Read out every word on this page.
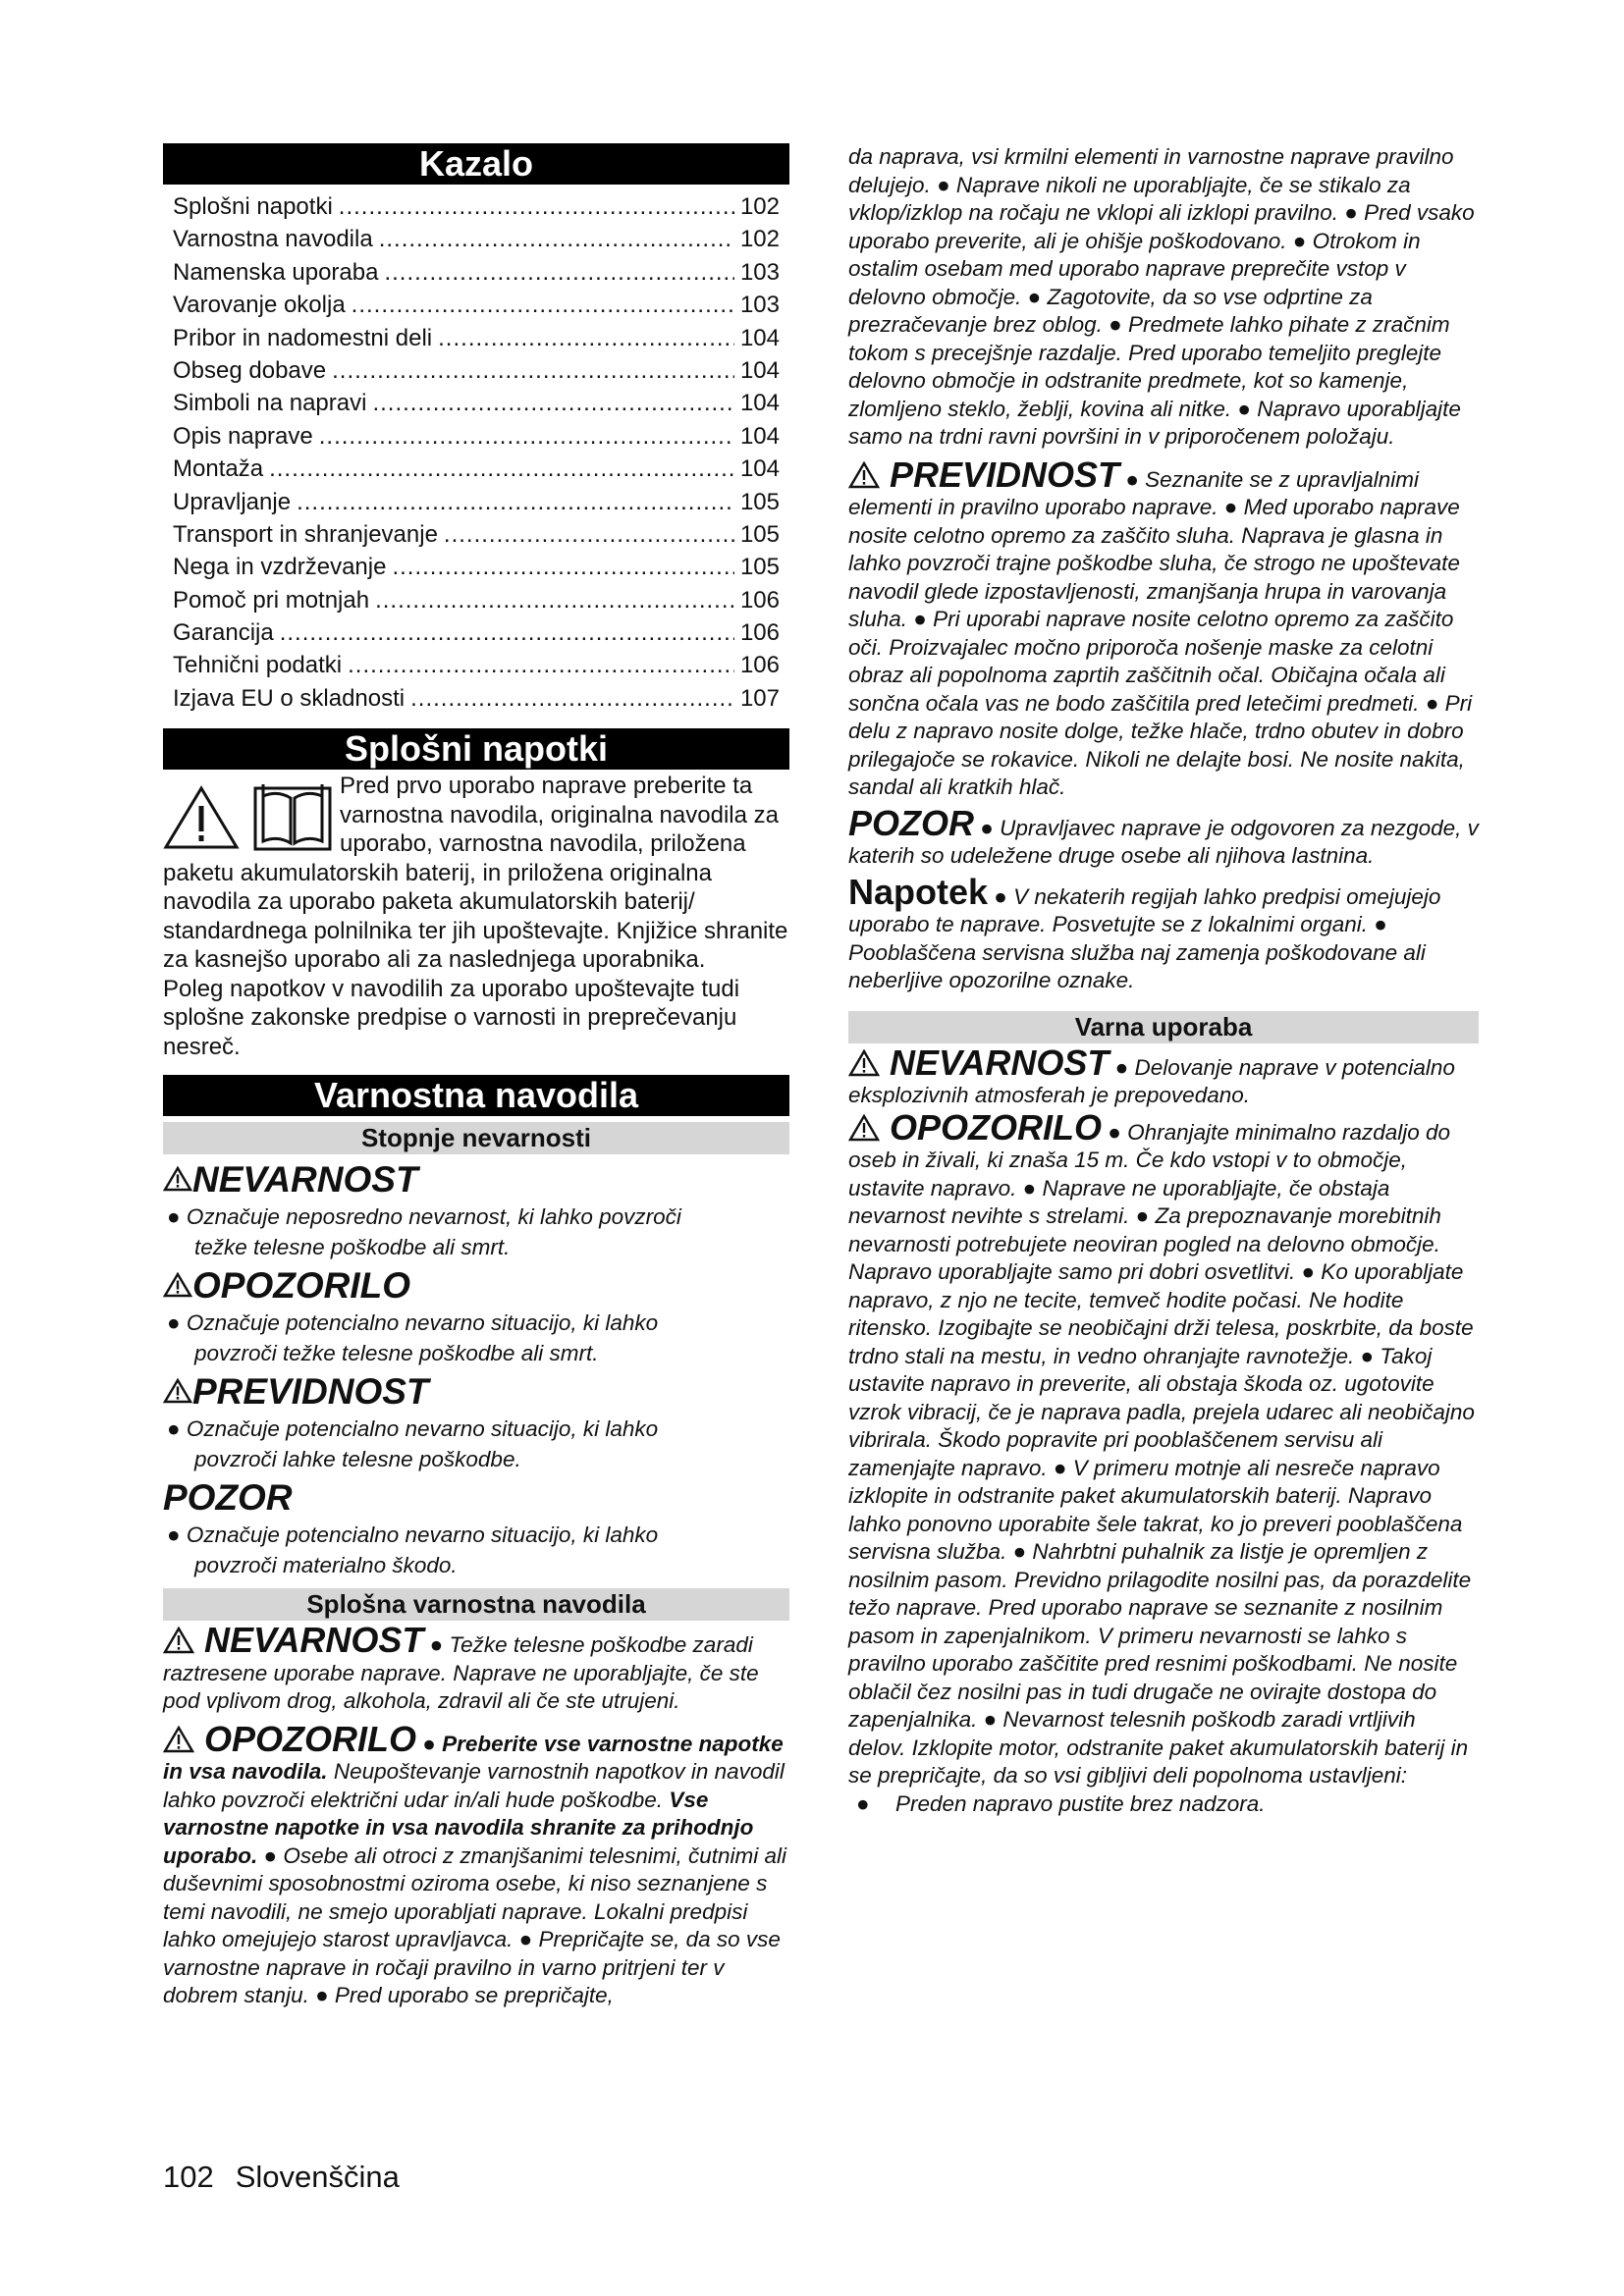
Kazalo
Splošni napotki .....	102
Varnostna navodila .....	102
Namenska uporaba .....	103
Varovanje okolja .....	103
Pribor in nadomestni deli .....	104
Obseg dobave .....	104
Simboli na napravi .....	104
Opis naprave .....	104
Montaža .....	104
Upravljanje .....	105
Transport in shranjevanje .....	105
Nega in vzdrževanje .....	105
Pomoč pri motnjah .....	106
Garancija .....	106
Tehnični podatki .....	106
Izjava EU o skladnosti .....	107
Splošni napotki

Pred prvo uporabo naprave preberite ta varnostna navodila, originalna navodila za uporabo, varnostna navodila, priložena paketu akumulatorskih baterij, in priložena originalna navodila za uporabo paketa akumulatorskih baterij/ standardnega polnilnika ter jih upoštevajte. Knjižice shranite za kasnejšo uporabo ali za naslednjega uporabnika.

Poleg napotkov v navodilih za uporabo upoštevajte tudi splošne zakonske predpise o varnosti in preprečevanju nesreč.

Varnostna navodila
Stopnje nevarnosti
NEVARNOST
● Označuje neposredno nevarnost, ki lahko povzroči
težke telesne poškodbe ali smrt.
OPOZORILO
● Označuje potencialno nevarno situacijo, ki lahko
povzroči težke telesne poškodbe ali smrt.
PREVIDNOST
● Označuje potencialno nevarno situacijo, ki lahko
povzroči lahke telesne poškodbe.
POZOR
● Označuje potencialno nevarno situacijo, ki lahko
povzroči materialno škodo.
Splošna varnostna navodila

NEVARNOST ● Težke telesne poškodbe zaradi raztresene uporabe naprave. Naprave ne uporabljajte, če ste pod vplivom drog, alkohola, zdravil ali če ste utrujeni.

OPOZORILO ● Preberite vse varnostne napotke in vsa navodila. Neupoštevanje varnostnih napotkov in navodil lahko povzroči električni udar in/ali hude poškodbe. Vse varnostne napotke in vsa navodila shranite za prihodnjo uporabo. ● Osebe ali otroci z zmanjšanimi telesnimi, čutnimi ali duševnimi sposobnostmi oziroma osebe, ki niso seznanjene s temi navodili, ne smejo uporabljati naprave. Lokalni predpisi lahko omejujejo starost upravljavca. ● Prepričajte se, da so vse varnostne naprave in ročaji pravilno in varno pritrjeni ter v dobrem stanju. ● Pred uporabo se prepričajte,

da naprava, vsi krmilni elementi in varnostne naprave pravilno delujejo. ● Naprave nikoli ne uporabljajte, če se stikalo za vklop/izklop na ročaju ne vklopi ali izklopi pravilno. ● Pred vsako uporabo preverite, ali je ohišje poškodovano. ● Otrokom in ostalim osebam med uporabo naprave preprečite vstop v delovno območje. ● Zagotovite, da so vse odprtine za prezračevanje brez oblog. ● Predmete lahko pihate z zračnim tokom s precejšnje razdalje. Pred uporabo temeljito preglejte delovno območje in odstranite predmete, kot so kamenje, zlomljeno steklo, žeblji, kovina ali nitke. ● Napravo uporabljajte samo na trdni ravni površini in v priporočenem položaju.

PREVIDNOST ● Seznanite se z upravljalnimi elementi in pravilno uporabo naprave. ● Med uporabo naprave nosite celotno opremo za zaščito sluha. Naprava je glasna in lahko povzroči trajne poškodbe sluha, če strogo ne upoštevate navodil glede izpostavljenosti, zmanjšanja hrupa in varovanja sluha. ● Pri uporabi naprave nosite celotno opremo za zaščito oči. Proizvajalec močno priporoča nošenje maske za celotni obraz ali popolnoma zaprtih zaščitnih očal. Običajna očala ali sončna očala vas ne bodo zaščitila pred letečimi predmeti. ● Pri delu z napravo nosite dolge, težke hlače, trdno obutev in dobro prilegajoče se rokavice. Nikoli ne delajte bosi. Ne nosite nakita, sandal ali kratkih hlač.

POZOR ● Upravljavec naprave je odgovoren za nezgode, v katerih so udeležene druge osebe ali njihova lastnina.

Napotek ● V nekaterih regijah lahko predpisi omejujejo uporabo te naprave. Posvetujte se z lokalnimi organi. ● Pooblaščena servisna služba naj zamenja poškodovane ali neberljive opozorilne oznake.

Varna uporaba

NEVARNOST ● Delovanje naprave v potencialno eksplozivnih atmosferah je prepovedano.

OPOZORILO ● Ohranjajte minimalno razdaljo do oseb in živali, ki znaša 15 m. Če kdo vstopi v to območje, ustavite napravo. ● Naprave ne uporabljajte, če obstaja nevarnost nevihte s strelami. ● Za prepoznavanje morebitnih nevarnosti potrebujete neoviran pogled na delovno območje. Napravo uporabljajte samo pri dobri osvetlitvi. ● Ko uporabljate napravo, z njo ne tecite, temveč hodite počasi. Ne hodite ritensko. Izogibajte se neobičajni drži telesa, poskrbite, da boste trdno stali na mestu, in vedno ohranjajte ravnotežje. ● Takoj ustavite napravo in preverite, ali obstaja škoda oz. ugotovite vzrok vibracij, če je naprava padla, prejela udarec ali neobičajno vibrirala. Škodo popravite pri pooblaščenem servisu ali zamenjajte napravo. ● V primeru motnje ali nesreče napravo izklopite in odstranite paket akumulatorskih baterij. Napravo lahko ponovno uporabite šele takrat, ko jo preveri pooblaščena servisna služba. ● Nahrbtni puhalnik za listje je opremljen z nosilnim pasom. Previdno prilagodite nosilni pas, da porazdelite težo naprave. Pred uporabo naprave se seznanite z nosilnim pasom in zapenjalnikom. V primeru nevarnosti se lahko s pravilno uporabo zaščitite pred resnimi poškodbami. Ne nosite oblačil čez nosilni pas in tudi drugače ne ovirajte dostopa do zapenjalnika. ● Nevarnost telesnih poškodb zaradi vrtljivih delov. Izklopite motor, odstranite paket akumulatorskih baterij in se prepričajte, da so vsi gibljivi deli popolnoma ustavljeni:

● Preden napravo pustite brez nadzora.

102 Slovenščina
